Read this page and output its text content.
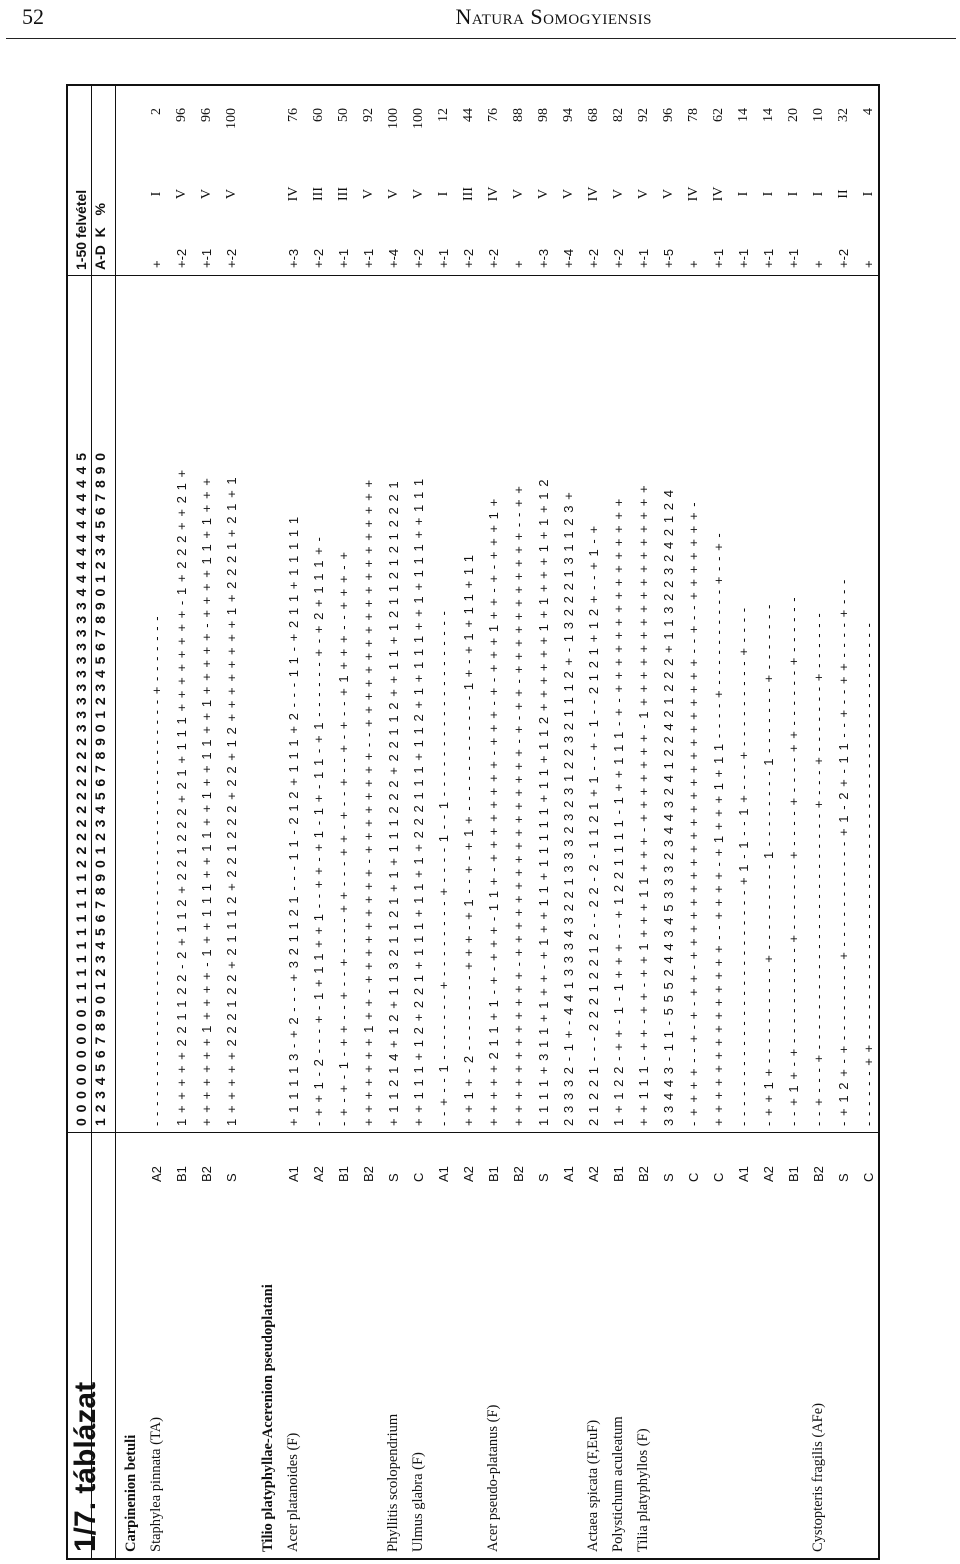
52	Natura Somogyiensis
1/7. táblázat
0 0 0 0 0 0 0 0 0 1 1 1 1 1 1 1 1 1 1 2 2 2 2 2 2 2 2 2 2 3 3 3 3 3 3 3 3 3 3 4 4 4 4 4 4 4 4 4 4 5 1 2 3 4 5 6 7 8 9 0 1 2 3 4 5 6 7 8 9 0 1 2 3 4 5 6 7 8 9 0 1 2 3 4 5 6 7 8 9 0 1 2 3 4 5 6 7 8 9 0
1-50 felvétel A-D  K   %
Carpinenion betuli Staphylea pinnata (TA)
A2
- - - - - - - - - - - - - - - - - - - - - - - - - - - - - - - - - - - - - - - - - - - + - - - - - - -
+
I
2
B1
1 + + + + + 2 2 1 1 2 2 - 2 + 1 1 2 + 2 2 1 2 2 2 + 2 1 + 1 1 1 + + + + + + + + - 1 + 2 2 2 + + 2 1 +
+-2
V
96
B2
+ + + + + + + 1 + + + + - 1 + + 1 1 1 + + 1 1 + + 1 + + 1 1 + + 1 + + + + + - + + + + 1 1 + 1 + + +
+-1
V
96
S
1 + + + + + 2 2 2 1 2 2 + 2 1 1 1 2 + 2 2 1 2 2 2 + 2 2 + 1 2 + + + + + + + + 1 + 2 2 2 1 + 2 1 + 1
+-2
V
100
Tilio platyphyllae-Acerenion pseudoplatani Acer platanoides (F)
A1
+ 1 1 1 1 3 - + 2 - - - + 3 2 1 1 2 1 - - - 1 1 - 2 1 2 + 1 1 1 + 2 - - - 1 1 - + 2 1 1 + 1 1 1 1 1
+-3
IV
76
A2
- + + 1 - 2 - - - + - 1 + 1 1 + + 1 - - + + - + 1 - 1 + - 1 1 - + 1 - - - - - - + - + 2 + 1 1 1 + -
+-2
III
60
B1
- + - + - 1 - + + - - + - - + - - - - + + - - - + + - + - - + - - + - + - - + 1 + + + - - + + + - +
+-1
III
50
B2
+ + + + + + + 1 + + - + + + + + + + + + - + + + + + + + + - - + + + + + + + + + + + + + + + + + + +
+-1
V
92
Phyllitis scolopendrium
S
+ 1 1 2 1 4 + 1 2 + 1 1 3 2 1 1 2 1 + 1 + 1 1 1 2 2 2 + 2 2 1 1 2 + + 1 1 + 1 2 1 1 2 1 2 1 2 2 2 1
+-4
V
100
Ulmus glabra (F)
C
+ + 1 1 1 + 1 2 + 2 2 1 + 1 1 1 + 1 1 + 1 + 2 2 2 1 1 1 + 1 1 2 + 1 + 1 1 1 + + 1 + 1 1 1 + + 1 1 1
+-2
V
100
A1
- - + - - 1 - - - - - - - + - - - - - - - - + - - - - 1 - - 1 - - - - - - - - - - - - - - - - - - -
+-1
I
12
A2
+ + 1 + - 2 - - - - - - - - + + + - + 1 - - + - + 1 + - - - - - - - - - - - - 1 + - + 1 + 1 1 + 1 1
+-2
III
44
Acer pseudo-platanus (F)
B1
+ + + + + 2 1 1 + 1 - + - + + + - 1 1 + - + + + + + + + + - + + + - + - + + + 1 + + - + - + + + 1 +
+-2
IV
76
B2
+ + + + + + + + + + + + - + + + + + + + + + + + + + + + + - + - + + - + + + + + + + + + + + - - + +
+
V
88
S
1 1 1 1 + 3 1 1 + 1 + + - + 1 + + 1 1 + 1 1 1 1 1 + 1 1 + 1 1 2 + + + + + + 1 + 1 + + + 1 + 1 + 1 2
+-3
V
98
A1
2 3 3 3 2 - 1 + - 4 4 1 3 3 3 4 3 2 2 1 3 3 3 2 3 2 3 1 2 2 3 2 1 1 1 2 + - 1 3 2 2 2 1 3 1 1 2 3 +
+-4
V
94
Actaea spicata (F,EuF)
A2
2 1 2 2 1 - - - 2 2 2 1 2 2 1 2 - - 2 2 - 2 - 1 1 2 1 + 1 - - + - 1 - - 2 1 2 1 + 1 2 + - - + 1 - +
+-2
IV
68
Polystichum aculeatum
B1
1 + 1 2 2 - + + - 1 - 1 + + + - - + 1 2 2 1 1 1 1 - 1 + + 1 1 1 - + - + + + + + + + + + + + + + + +
+-2
V
82
Tilia platyphyllos (F)
B2
+ + 1 1 1 - + + - + + - + + 1 + + + 1 1 + + + - + + + + + + + - 1 + + + + + + + + + + + + + + + + +
+-1
V
92
S
3 3 4 4 3 - 1 1 - 5 5 5 2 4 4 3 4 5 3 3 3 2 3 4 4 3 2 4 1 2 2 4 2 1 2 2 2 + 1 1 3 2 2 3 2 4 2 1 2 4
+-5
V
96
C
- + + + + - - + - + - + + - + + + + + + + + + + + + + + + + + + + + + + + - - + - - + + + + + + + -
+
IV
78
C
+ + + + + + + + + + + + + + - - + + + + - + 1 + + + 1 + 1 1 - - - - + - - - - - - - - - - + - - + -
+-1
IV
62
A1
- - - - - - - - - - - - - - - - - - - - - - - - + 1 - 1 - - 1 + - - - + - - - - - - - - - + - - - -
+-1
I
14
A2
- + + 1 + - - - - - - - - - - + - - - - - - - - - 1 - - - - - - - - 1 - - - - - - - + - - - - - - -
+-1
I
14
B1
- - + 1 + - + - - - - - - - - - - + - - - - - - - + - - - - + - - - - + + - - - - - - + - - - - - -
+-1
I
20
Cystopteris fragilis (AFe)
B2
- - + - - - + - - - - - - - - - - - - - - - - - - - - - - - - + - - - + - - - - - - - + - - - - - -
+
I
10
S
- + 1 2 + - + - - - - - - - - + - - - - - - - - - - - + 1 - 2 + - 1 1 - - + - - + + - - - - + - - -
+-2
II
32
C
- - - - - - + + - - - - - - - - - - - - - - - - - - - - - - - - - - - - - - - - - - - - - - - - - -
+
I
4
